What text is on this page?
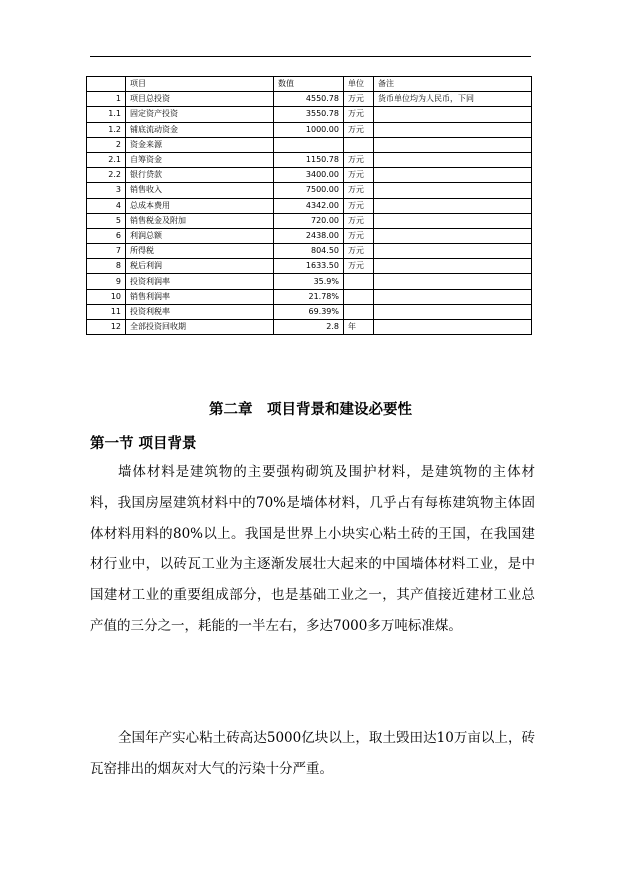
	项目	数值	单位	备注
1	项目总投资	4550.78	万元	货币单位均为人民币，下同
1.1	固定资产投资	3550.78	万元	
1.2	铺底流动资金	1000.00	万元	
2	资金来源			
2.1	自筹资金	1150.78	万元	
2.2	银行贷款	3400.00	万元	
3	销售收入	7500.00	万元	
4	总成本费用	4342.00	万元	
5	销售税金及附加	720.00	万元	
6	利润总额	2438.00	万元	
7	所得税	804.50	万元	
8	税后利润	1633.50	万元	
9	投资利润率	35.9%		
10	销售利润率	21.78%		
11	投资利税率	69.39%		
12	全部投资回收期	2.8	年	
第二章　项目背景和建设必要性
第一节 项目背景

墙体材料是建筑物的主要强构砌筑及围护材料，是建筑物的主体材料，我国房屋建筑材料中的70%是墙体材料，几乎占有每栋建筑物主体固体材料用料的80%以上。我国是世界上小块实心粘土砖的王国，在我国建材行业中，以砖瓦工业为主逐渐发展壮大起来的中国墙体材料工业，是中国建材工业的重要组成部分，也是基础工业之一，其产值接近建材工业总产值的三分之一，耗能的一半左右，多达7000多万吨标准煤。

全国年产实心粘土砖高达5000亿块以上，取土毁田达10万亩以上，砖瓦窑排出的烟灰对大气的污染十分严重。
